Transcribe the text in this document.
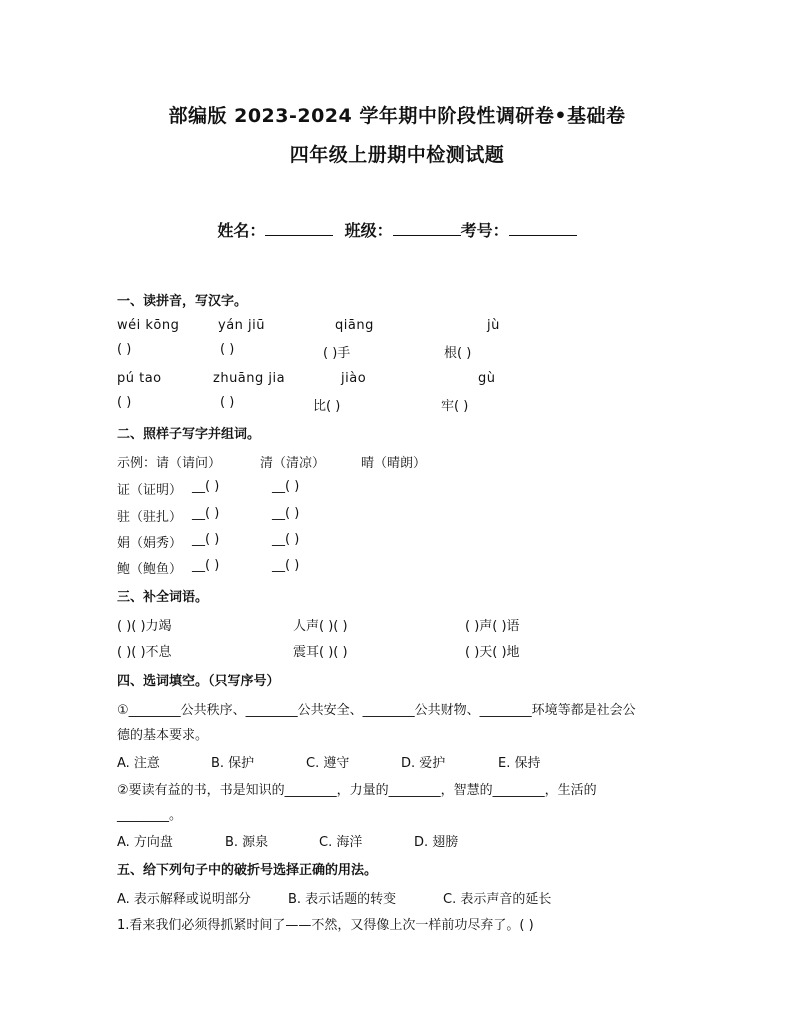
部编版 2023-2024 学年期中阶段性调研卷•基础卷
四年级上册期中检测试题
姓名：	班级：	考号：
一、读拼音，写汉字。
wéi kōng	yán jiū	qiāng	jù
( )	( )	( )手	根( )
pú tao	zhuāng jia	jiào	gù
( )	( )	比( )	牢( )
二、照样子写字并组词。
示例：请（请问）	清（清凉）	晴（晴朗）
证（证明） __( )	__( )
驻（驻扎） __( )	__( )
娟（娟秀） __( )	__( )
鲍（鲍鱼） __( )	__( )
三、补全词语。
( )( )力竭	人声( )( )	( )声( )语
( )( )不息	震耳( )( )	( )天( )地
四、选词填空。（只写序号）
①________公共秩序、________公共安全、________公共财物、________环境等都是社会公
德的基本要求。
A. 注意	B. 保护	C. 遵守	D. 爱护	E. 保持
②要读有益的书，书是知识的________，力量的________，智慧的________，生活的
________。
A. 方向盘	B. 源泉	C. 海洋	D. 翅膀
五、给下列句子中的破折号选择正确的用法。
A. 表示解释或说明部分	B. 表示话题的转变	C. 表示声音的延长
1.看来我们必须得抓紧时间了——不然，又得像上次一样前功尽弃了。( )
